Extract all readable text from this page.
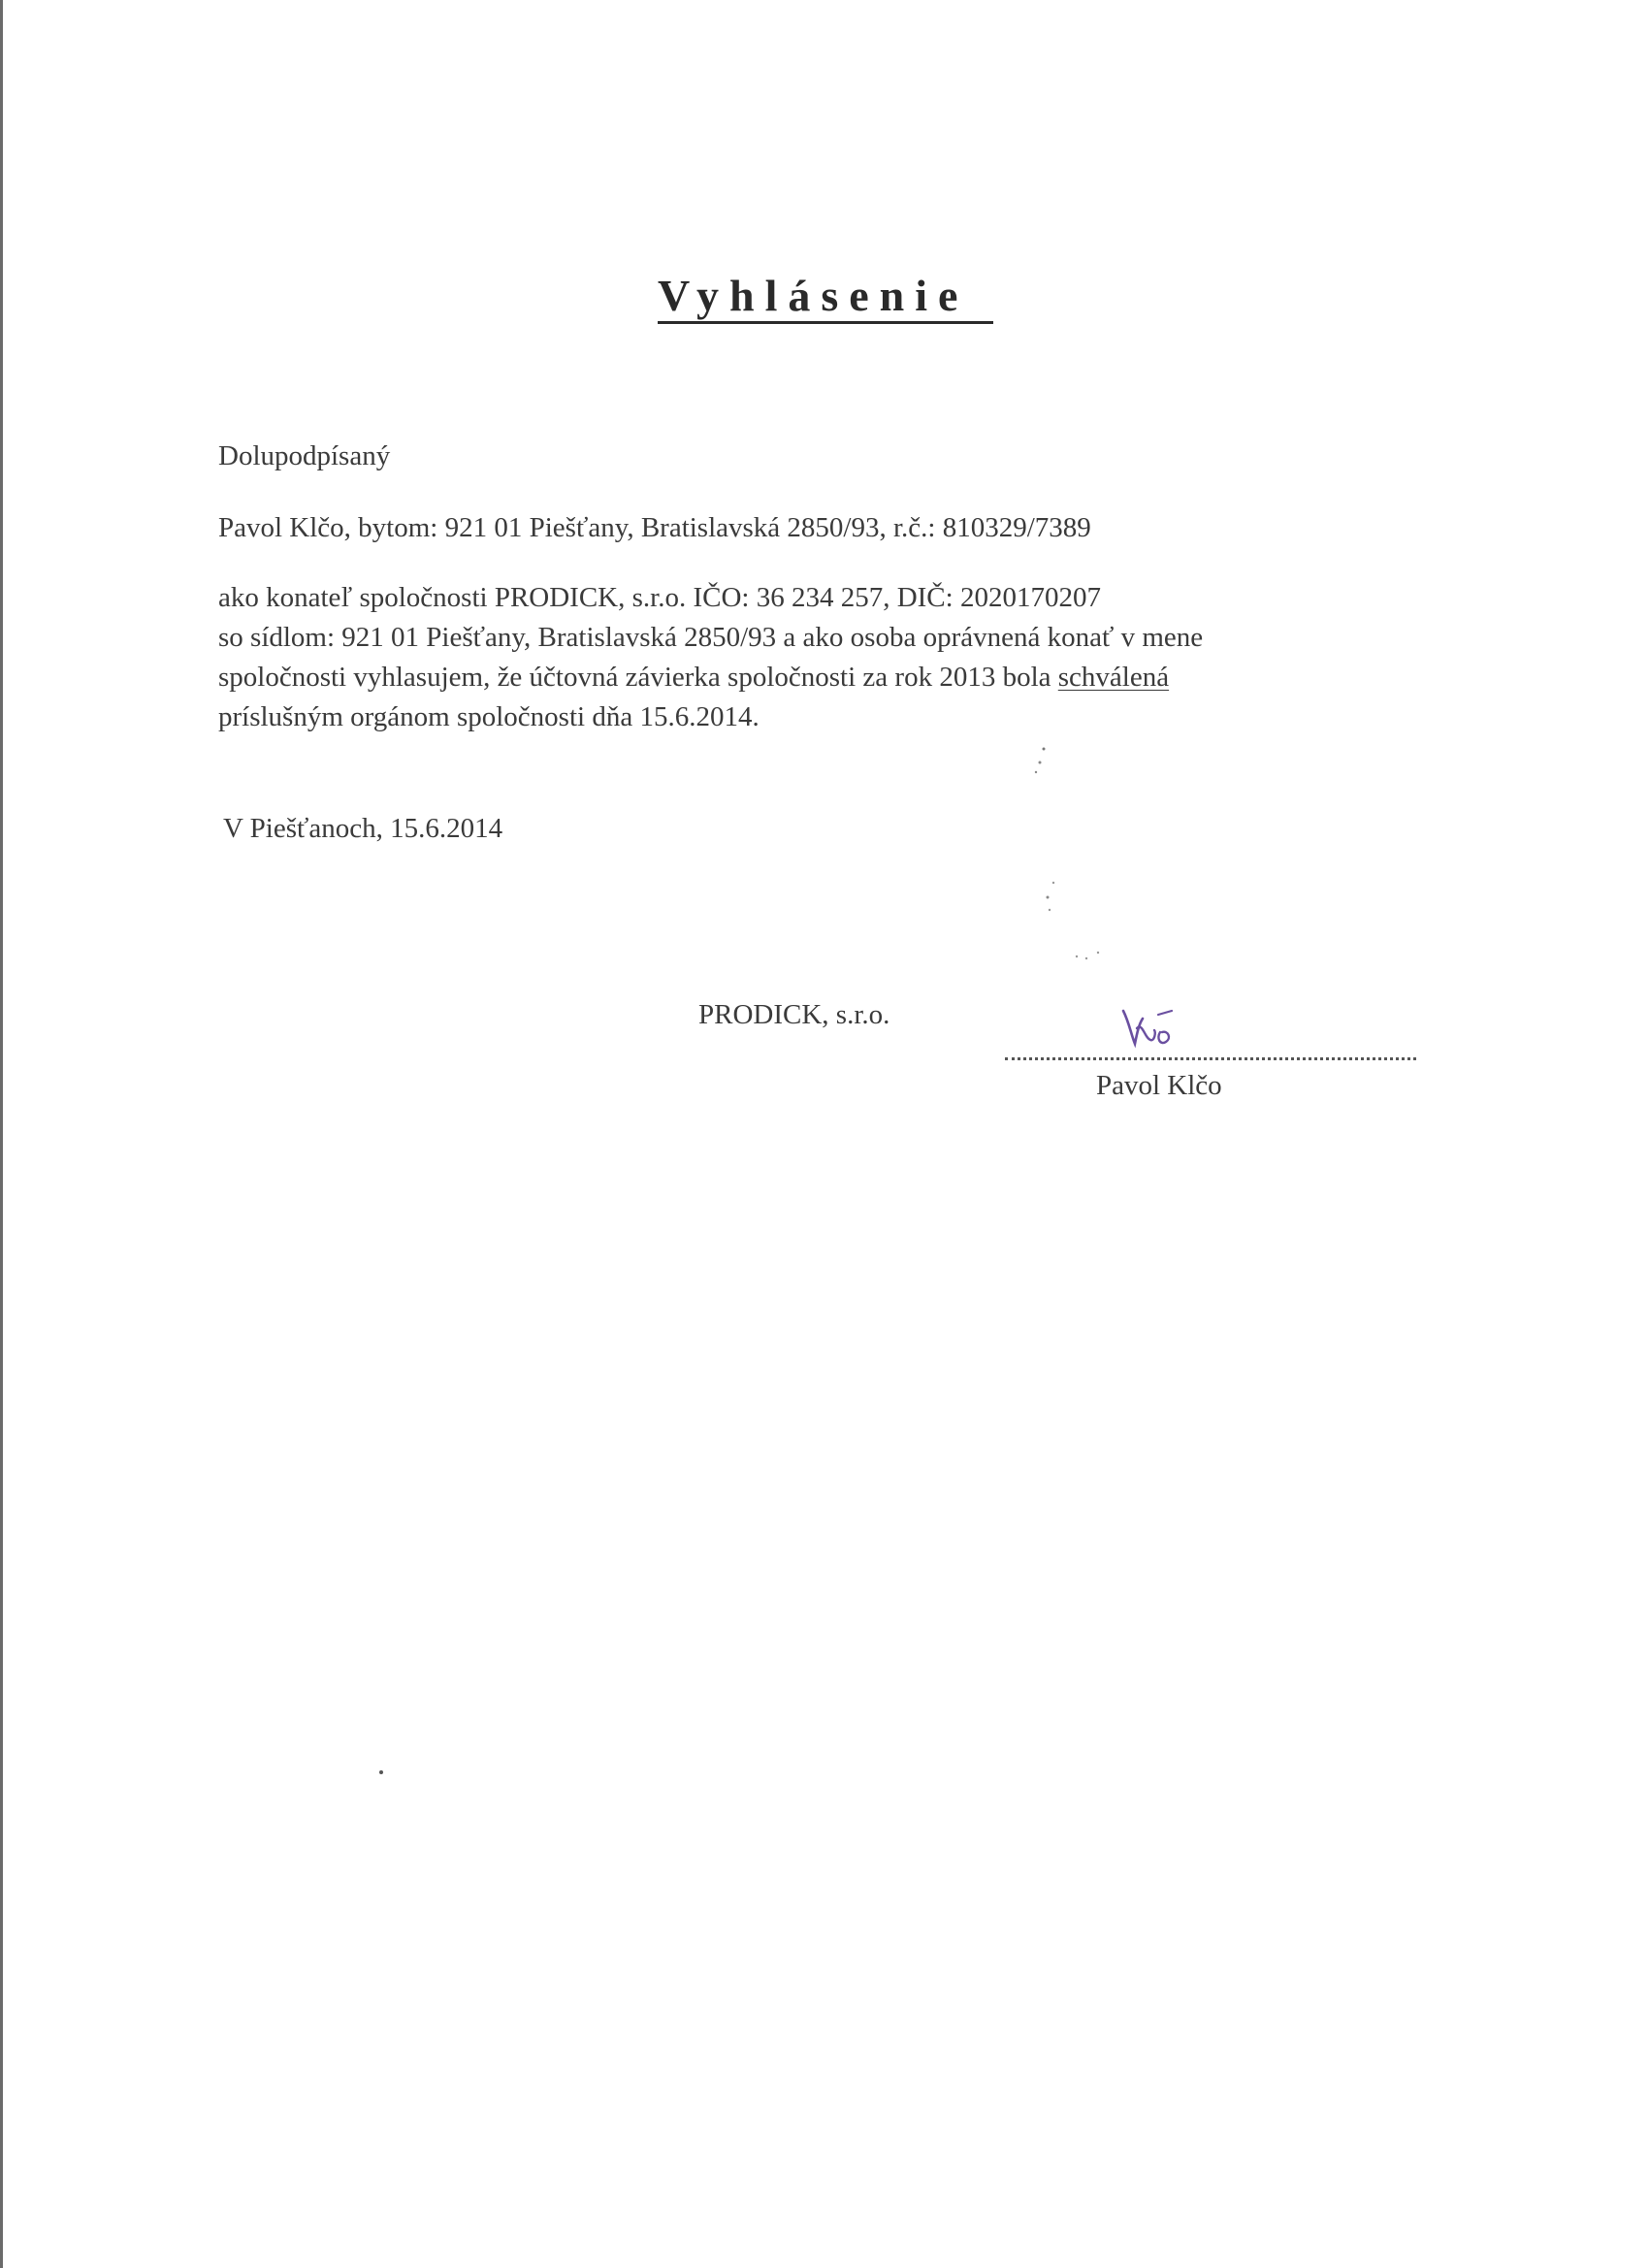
Vyhlásenie
Dolupodpísaný
Pavol Klčo, bytom: 921 01 Piešťany, Bratislavská 2850/93, r.č.: 810329/7389
ako konateľ spoločnosti PRODICK, s.r.o. IČO: 36 234 257, DIČ: 2020170207
so sídlom: 921 01 Piešťany, Bratislavská 2850/93 a ako osoba oprávnená konať v mene
spoločnosti vyhlasujem, že účtovná závierka spoločnosti za rok 2013 bola schválená
príslušným orgánom spoločnosti dňa 15.6.2014.
V Piešťanoch, 15.6.2014
PRODICK, s.r.o.
Pavol Klčo
